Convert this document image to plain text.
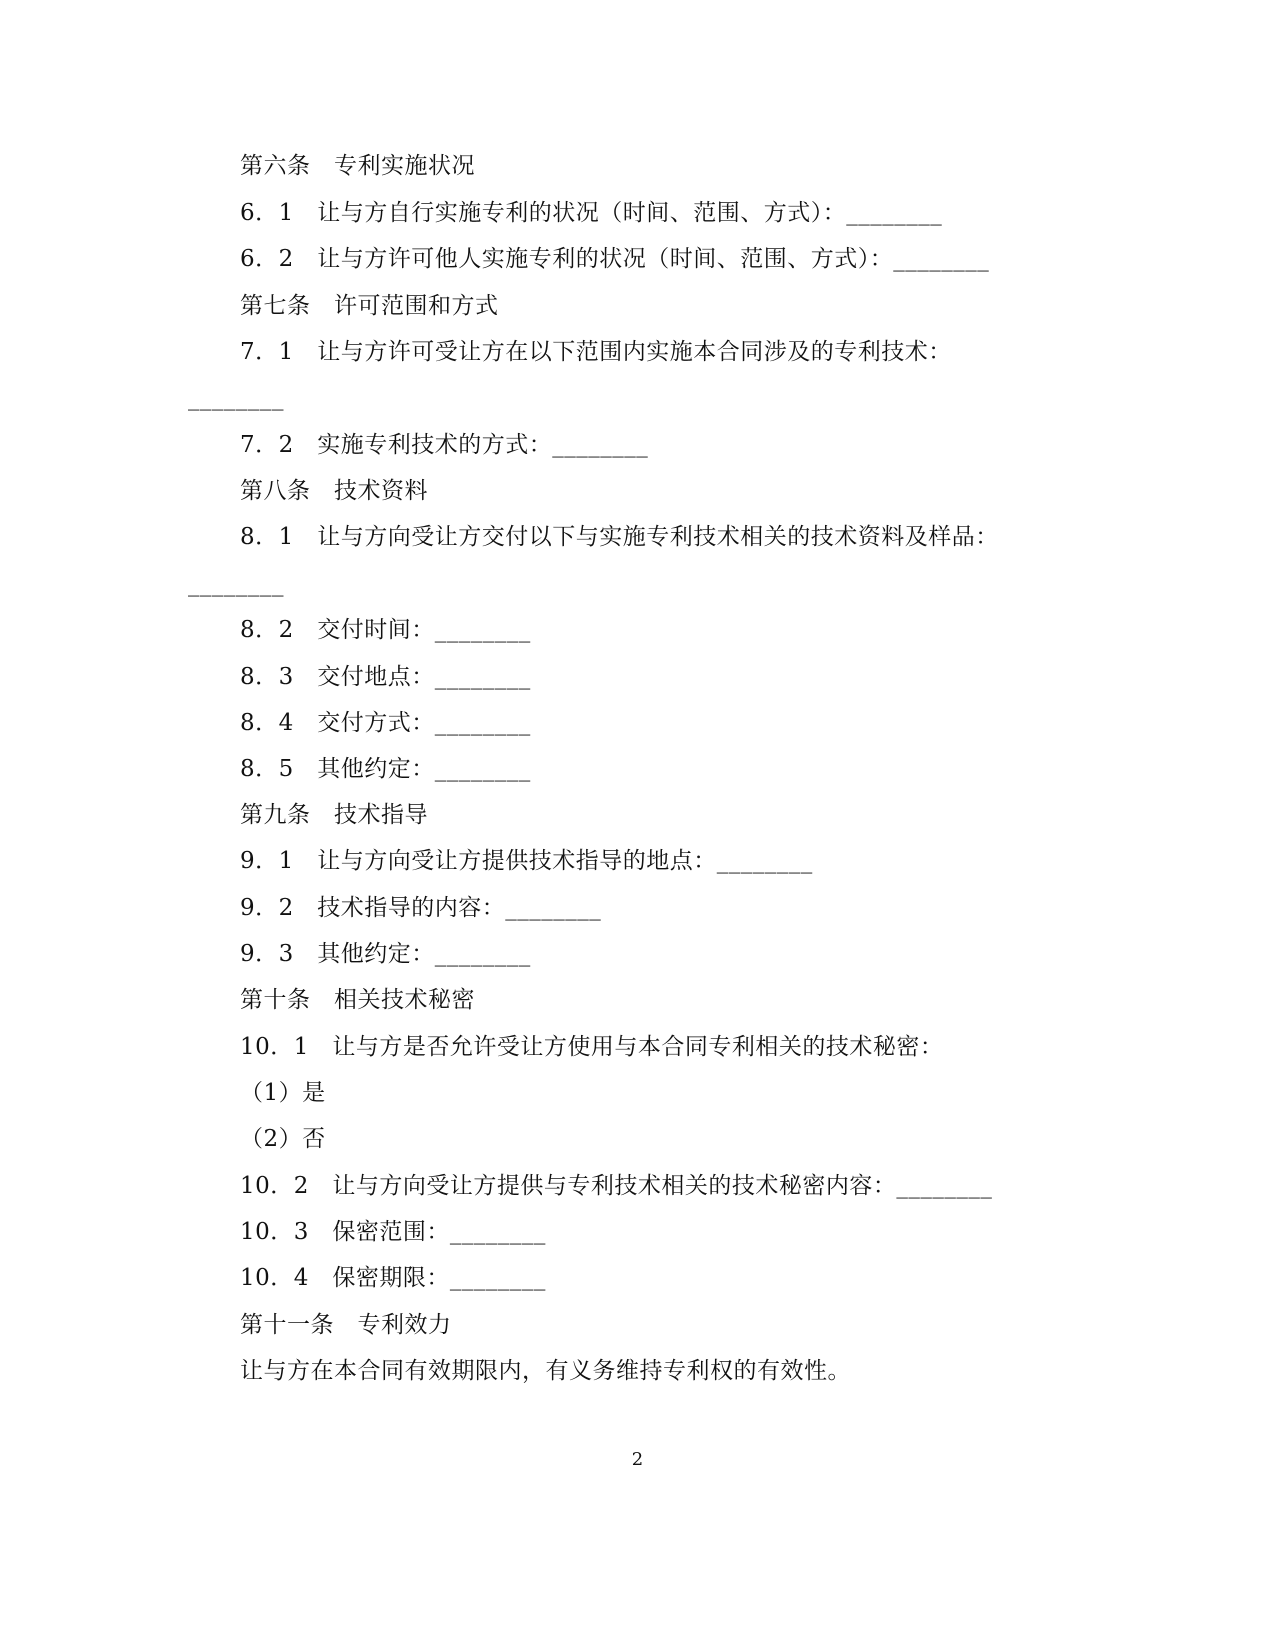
第六条　专利实施状况
6．1　让与方自行实施专利的状况（时间、范围、方式）：________
6．2　让与方许可他人实施专利的状况（时间、范围、方式）：________
第七条　许可范围和方式
7．1　让与方许可受让方在以下范围内实施本合同涉及的专利技术：
________
7．2　实施专利技术的方式：________
第八条　技术资料
8．1　让与方向受让方交付以下与实施专利技术相关的技术资料及样品：
________
8．2　交付时间：________
8．3　交付地点：________
8．4　交付方式：________
8．5　其他约定：________
第九条　技术指导
9．1　让与方向受让方提供技术指导的地点：________
9．2　技术指导的内容：________
9．3　其他约定：________
第十条　相关技术秘密
10．1　让与方是否允许受让方使用与本合同专利相关的技术秘密：
（1）是
（2）否
10．2　让与方向受让方提供与专利技术相关的技术秘密内容：________
10．3　保密范围：________
10．4　保密期限：________
第十一条　专利效力
让与方在本合同有效期限内，有义务维持专利权的有效性。
2
